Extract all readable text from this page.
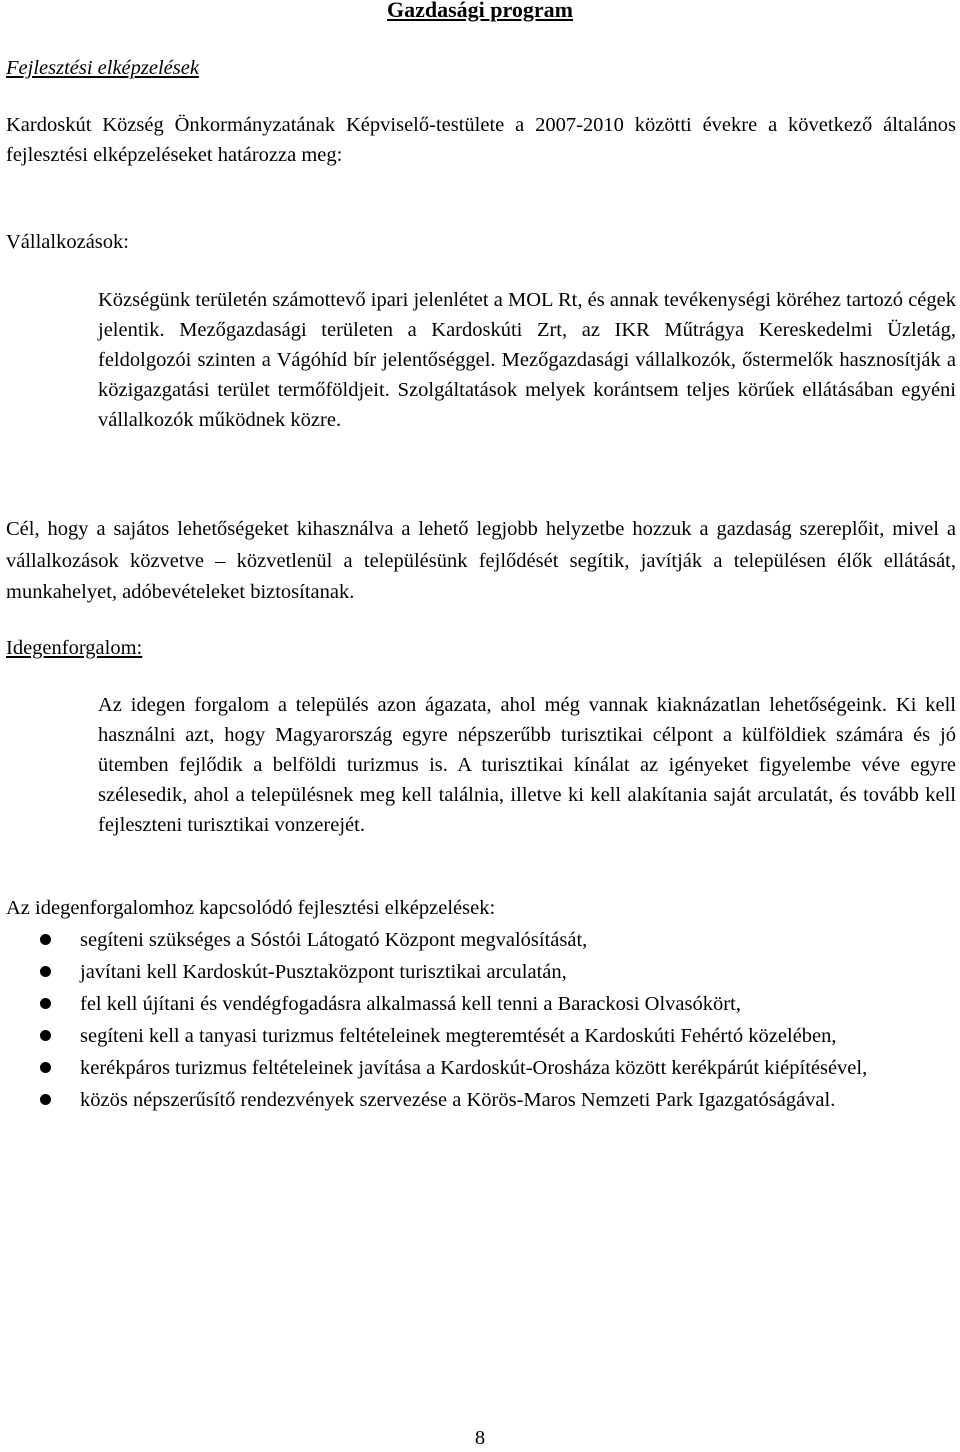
Gazdasági program
Fejlesztési elképzelések
Kardoskút Község Önkormányzatának Képviselő-testülete a 2007-2010 közötti évekre a következő általános fejlesztési elképzeléseket határozza meg:
Vállalkozások:
Községünk területén számottevő ipari jelenlétet a MOL Rt, és annak tevékenységi köréhez tartozó cégek jelentik. Mezőgazdasági területen a Kardoskúti Zrt, az IKR Műtrágya Kereskedelmi Üzletág, feldolgozói szinten a Vágóhíd bír jelentőséggel. Mezőgazdasági vállalkozók, őstermelők hasznosítják a közigazgatási terület termőföldjeit. Szolgáltatások melyek korántsem teljes körűek ellátásában egyéni vállalkozók működnek közre.
Cél, hogy a sajátos lehetőségeket kihasználva a lehető legjobb helyzetbe hozzuk a gazdaság szereplőit, mivel a vállalkozások közvetve – közvetlenül a településünk fejlődését segítik, javítják a településen élők ellátását, munkahelyet, adóbevételeket biztosítanak.
Idegenforgalom:
Az idegen forgalom a település azon ágazata, ahol még vannak kiaknázatlan lehetőségeink. Ki kell használni azt, hogy Magyarország egyre népszerűbb turisztikai célpont a külföldiek számára és jó ütemben fejlődik a belföldi turizmus is. A turisztikai kínálat az igényeket figyelembe véve egyre szélesedik, ahol a településnek meg kell találnia, illetve ki kell alakítania saját arculatát, és tovább kell fejleszteni turisztikai vonzerejét.
Az idegenforgalomhoz kapcsolódó fejlesztési elképzelések:
segíteni szükséges a Sóstói Látogató Központ megvalósítását,
javítani kell Kardoskút-Pusztaközpont turisztikai arculatán,
fel kell újítani és vendégfogadásra alkalmassá kell tenni a Barackosi Olvasókört,
segíteni kell a tanyasi turizmus feltételeinek megteremtését a Kardoskúti Fehértó közelében,
kerékpáros turizmus feltételeinek javítása a Kardoskút-Orosháza között kerékpárút kiépítésével,
közös népszerűsítő rendezvények szervezése a Körös-Maros Nemzeti Park Igazgatóságával.
8
